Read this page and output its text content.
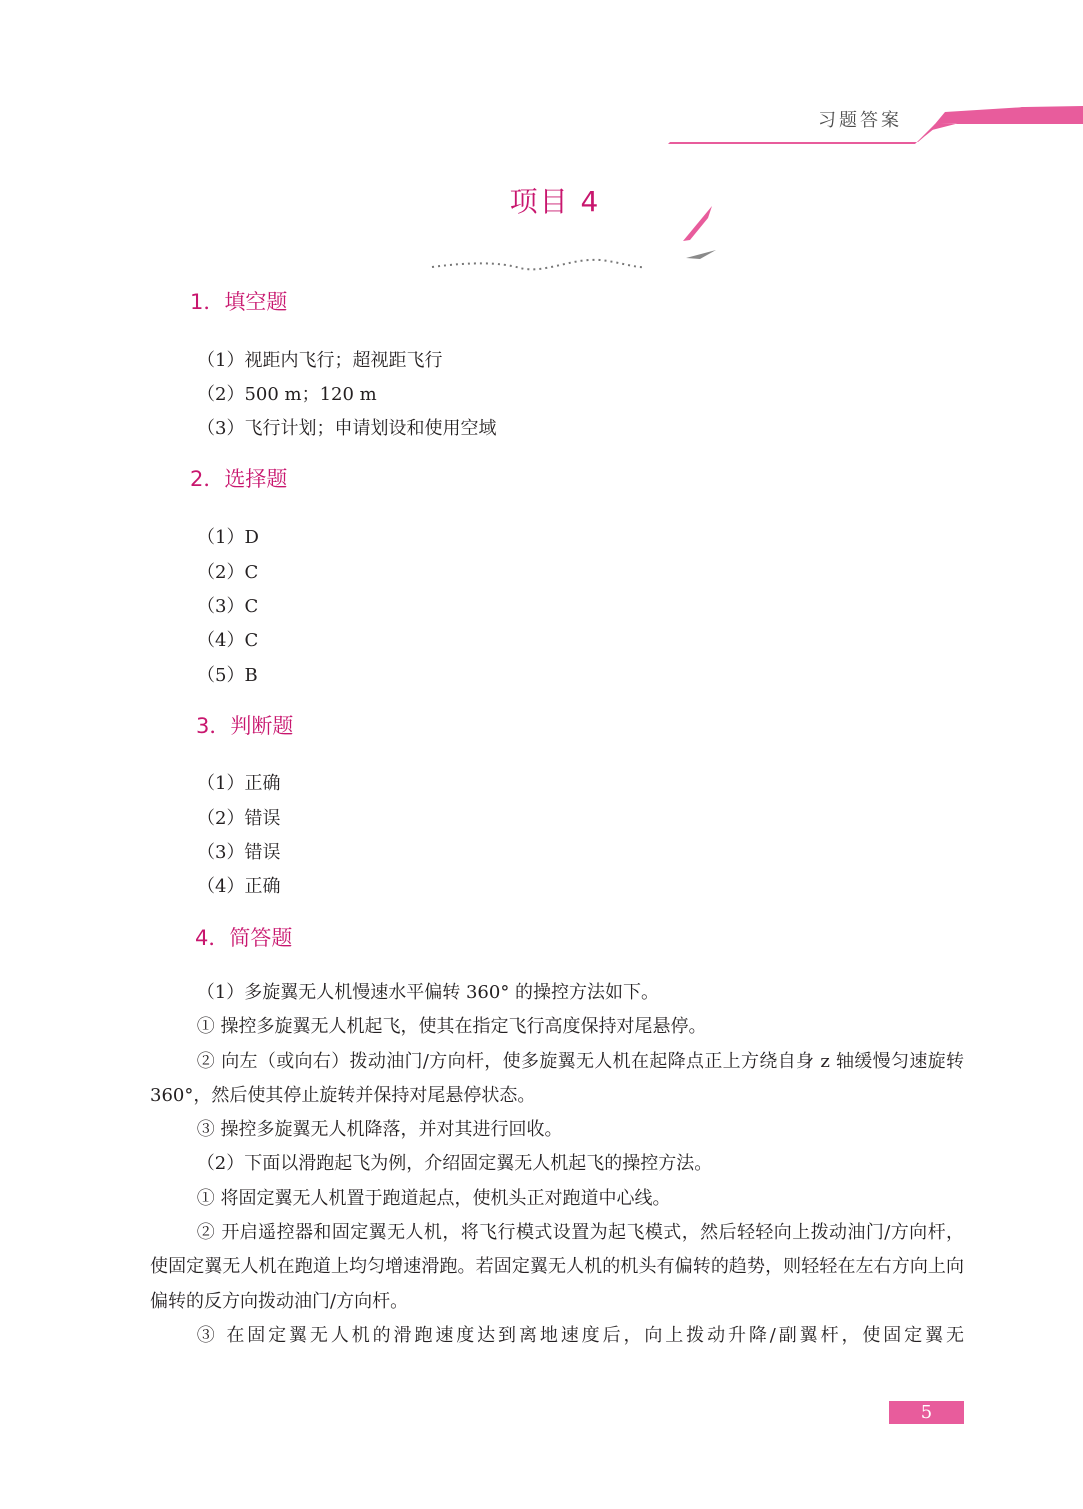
习题答案
项目 4
1．填空题
（1）视距内飞行；超视距飞行
（2）500 m；120 m
（3）飞行计划；申请划设和使用空域
2．选择题
（1）D
（2）C
（3）C
（4）C
（5）B
3．判断题
（1）正确
（2）错误
（3）错误
（4）正确
4．简答题

（1）多旋翼无人机慢速水平偏转 360° 的操控方法如下。

① 操控多旋翼无人机起飞，使其在指定飞行高度保持对尾悬停。

② 向左（或向右）拨动油门/方向杆，使多旋翼无人机在起降点正上方绕自身 z 轴缓慢匀速旋转 360°，然后使其停止旋转并保持对尾悬停状态。

③ 操控多旋翼无人机降落，并对其进行回收。

（2）下面以滑跑起飞为例，介绍固定翼无人机起飞的操控方法。

① 将固定翼无人机置于跑道起点，使机头正对跑道中心线。

② 开启遥控器和固定翼无人机，将飞行模式设置为起飞模式，然后轻轻向上拨动油门/方向杆，使固定翼无人机在跑道上均匀增速滑跑。若固定翼无人机的机头有偏转的趋势，则轻轻在左右方向上向偏转的反方向拨动油门/方向杆。

③ 在固定翼无人机的滑跑速度达到离地速度后，向上拨动升降/副翼杆，使固定翼无

5
